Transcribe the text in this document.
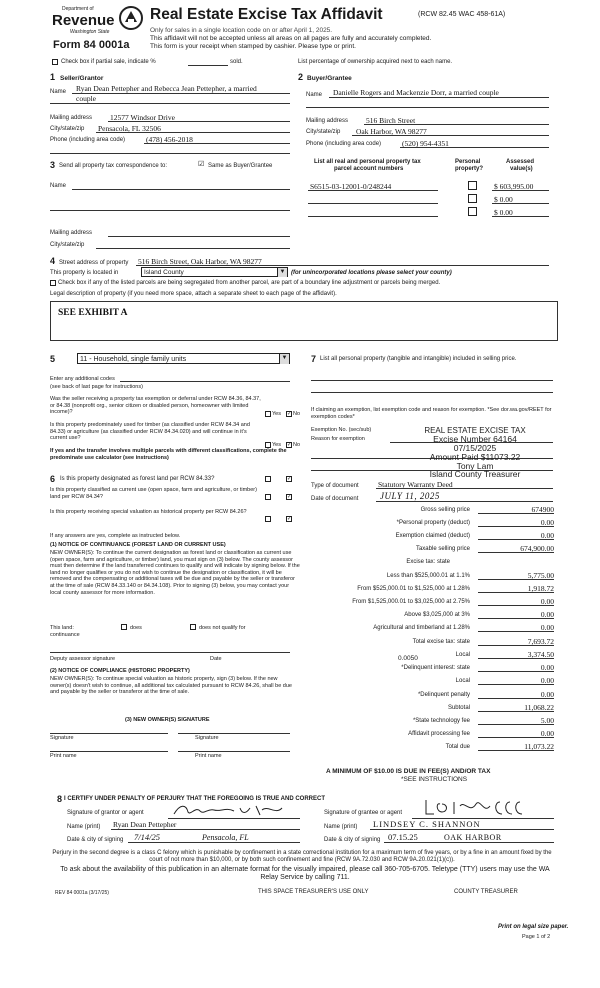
Department of
Revenue
Washington State
Form 84 0001a
Real Estate Excise Tax Affidavit	(RCW 82.45 WAC 458-61A)
Only for sales in a single location code on or after April 1, 2025.
This affidavit will not be accepted unless all areas on all pages are fully and accurately completed.
This form is your receipt when stamped by cashier. Please type or print.
Check box if partial sale, indicate %	sold.	List percentage of ownership acquired next to each name.
1 Seller/Grantor
Name Ryan Dean Pettepher and Rebecca Jean Pettepher, a married
couple
Mailing address 12577 Windsor Drive
City/state/zip Pensacola, FL 32506
Phone (including area code)	(478) 456-2018
2 Buyer/Grantee
Name Danielle Rogers and Mackenzie Dorr, a married couple
Mailing address 516 Birch Street
City/state/zip Oak Harbor, WA 98277
Phone (including area code)	(520) 954-4351
3 Send all property tax correspondence to:	☑ Same as Buyer/Grantee
Name
Mailing address
City/state/zip
List all real and personal property tax
parcel account numbers
Personal
property?
Assessed
value(s)
S6515-03-12001-0/248244	$ 603,995.00
$ 0.00
$ 0.00
4 Street address of property 516 Birch Street, Oak Harbor, WA 98277
This property is located in	Island County	▼ (for unincorporated locations please select your county)
Check box if any of the listed parcels are being segregated from another parcel, are part of a boundary line adjustment or parcels being merged.
Legal description of property (if you need more space, attach a separate sheet to each page of the affidavit).
SEE EXHIBIT A
5	11 - Household, single family units	▼
Enter any additional codes
(see back of last page for instructions)
Was the seller receiving a property tax exemption or deferral under RCW 84.36, 84.37, or 84.38 (nonprofit org., senior citizen or disabled person, homeowner with limited income)?	Yes ✓ No
Is this property predominately used for timber (as classified under RCW 84.34 and 84.33) or agriculture (as classified under RCW 84.34.020) and will continue in it's current use?
If yes and the transfer involves multiple parcels with different classifications, complete the predominate use calculator (see instructions)
Yes ✓ No
6 Is this property designated as forest land per RCW 84.33?	✓
Is this property classified as current use (open space, farm and agriculture, or timber) land per RCW 84.34?	✓
Is this property receiving special valuation as historical property per RCW 84.26?
✓
If any answers are yes, complete as instructed below.
(1) NOTICE OF CONTINUANCE (FOREST LAND OR CURRENT USE)
NEW OWNER(S): To continue the current designation as forest land or classification as current use (open space, farm and agriculture, or timber) land, you must sign on (3) below. The county assessor must then determine if the land transferred continues to qualify and will indicate by signing below. If the land no longer qualifies or you do not wish to continue the designation or classification, it will be removed and the compensating or additional taxes will be due and payable by the seller or transferor at the time of sale (RCW 84.33.140 or 84.34.108). Prior to signing (3) below, you may contact your local county assessor for more information.
This land:
continuance
does	does not qualify for
Deputy assessor signature	Date
(2) NOTICE OF COMPLIANCE (HISTORIC PROPERTY)
NEW OWNER(S): To continue special valuation as historic property, sign (3) below. If the new owner(s) doesn't wish to continue, all additional tax calculated pursuant to RCW 84.26, shall be due and payable by the seller or transferor at the time of sale.
(3) NEW OWNER(S) SIGNATURE
Signature	Signature
Print name	Print name
7 List all personal property (tangible and intangible) included in selling price.
If claiming an exemption, list exemption code and reason for exemption. *See dor.wa.gov/REET for exemption codes*
Exemption No. (sec/sub)
Reason for exemption
Type of document	Statutory Warranty Deed
Date of document JULY 11, 2025
REAL ESTATE EXCISE TAX
Excise Number 64164
07/15/2025
Amount Paid $11073.22
Tony Lam
Island County Treasurer
Gross selling price	674900
*Personal property (deduct)	0.00
Exemption claimed (deduct)	0.00
Taxable selling price	674,900.00
Excise tax: state
Less than $525,000.01 at 1.1%	5,775.00
From $525,000.01 to $1,525,000 at 1.28%	1,918.72
From $1,525,000.01 to $3,025,000 at 2.75%	0.00
Above $3,025,000 at 3%	0.00
Agricultural and timberland at 1.28%	0.00
Total excise tax: state	7,693.72
Local	3,374.50
*Delinquent interest: state	0.00
Local	0.00
*Delinquent penalty	0.00
Subtotal	11,068.22
*State technology fee	5.00
Affidavit processing fee	0.00
Total due	11,073.22
0.0050
A MINIMUM OF $10.00 IS DUE IN FEE(S) AND/OR TAX
*SEE INSTRUCTIONS
8 I CERTIFY UNDER PENALTY OF PERJURY THAT THE FOREGOING IS TRUE AND CORRECT
Signature of grantor or agent
Name (print) Ryan Dean Pettepher
Date & city of signing 7/14/25	Pensacola, FL
Signature of grantee or agent
Name (print) LINDSEY C. SHANNON
Date & city of signing 07.15.25	OAK HARBOR
Perjury in the second degree is a class C felony which is punishable by confinement in a state correctional institution for a maximum term of five years, or by a fine in an amount fixed by the court of not more than $10,000, or by both such confinement and fine (RCW 9A.72.030 and RCW 9A.20.021(1)(c)).
To ask about the availability of this publication in an alternate format for the visually impaired, please call 360-705-6705. Teletype (TTY) users may use the WA Relay Service by calling 711.
REV 84 0001a (3/17/25)	THIS SPACE TREASURER'S USE ONLY	COUNTY TREASURER
Print on legal size paper.
Page 1 of 2
